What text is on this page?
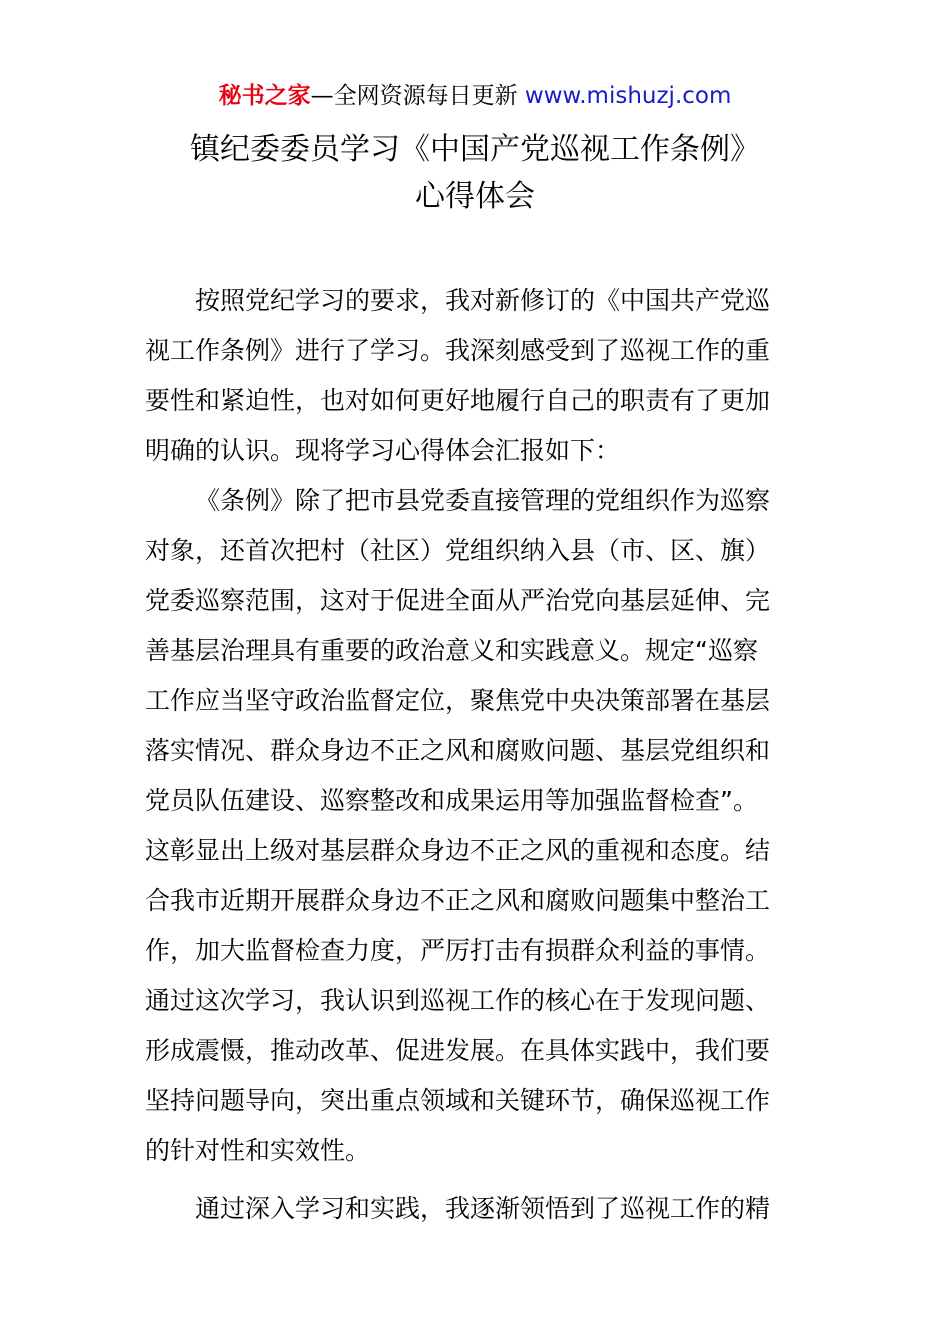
秘书之家—全网资源每日更新 www.mishuzj.com
镇纪委委员学习《中国产党巡视工作条例》
心得体会

按照党纪学习的要求，我对新修订的《中国共产党巡
视工作条例》进行了学习。我深刻感受到了巡视工作的重
要性和紧迫性，也对如何更好地履行自己的职责有了更加
明确的认识。现将学习心得体会汇报如下：

《条例》除了把市县党委直接管理的党组织作为巡察
对象，还首次把村（社区）党组织纳入县（市、区、旗）
党委巡察范围，这对于促进全面从严治党向基层延伸、完
善基层治理具有重要的政治意义和实践意义。规定“巡察
工作应当坚守政治监督定位，聚焦党中央决策部署在基层
落实情况、群众身边不正之风和腐败问题、基层党组织和
党员队伍建设、巡察整改和成果运用等加强监督检查”。
这彰显出上级对基层群众身边不正之风的重视和态度。结
合我市近期开展群众身边不正之风和腐败问题集中整治工
作，加大监督检查力度，严厉打击有损群众利益的事情。
通过这次学习，我认识到巡视工作的核心在于发现问题、
形成震慑，推动改革、促进发展。在具体实践中，我们要
坚持问题导向，突出重点领域和关键环节，确保巡视工作
的针对性和实效性。

通过深入学习和实践，我逐渐领悟到了巡视工作的精
